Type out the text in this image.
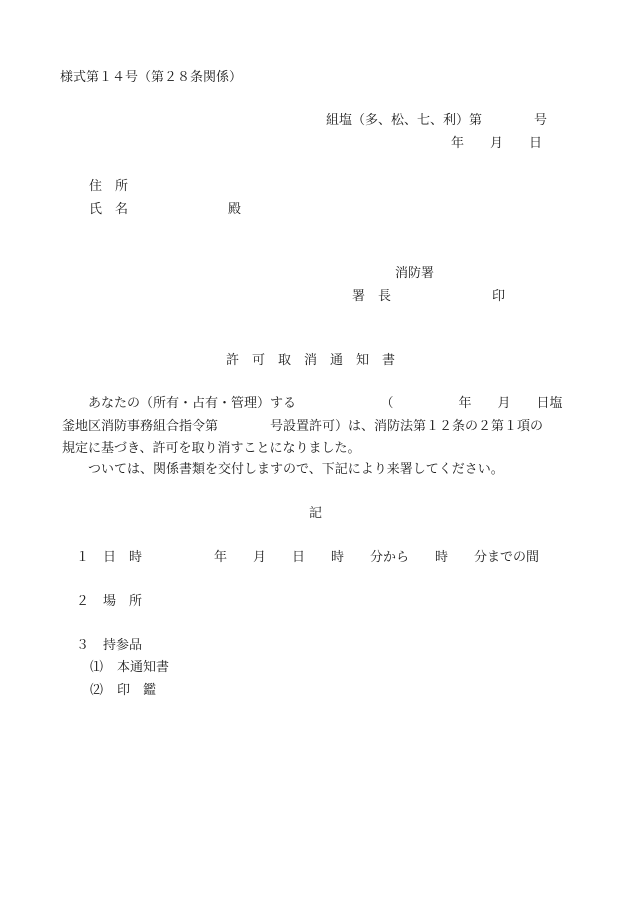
様式第１４号（第２８条関係）
組塩（多、松、七、利）第　　　　号
年　　月　　日
住　所
氏　名	殿
消防署
署　長	印
許　可　取　消　通　知　書
あなたの（所有・占有・管理）する　　　　　　　（　　　　　年　　月　　日塩
釜地区消防事務組合指令第　　　　号設置許可）は、消防法第１２条の２第１項の
規定に基づき、許可を取り消すことになりました。
ついては、関係書類を交付しますので、下記により来署してください。
記
１ 日　時	年　　月　　日　　時　　分から　　時　　分までの間
２ 場　所
３ 持参品
⑴ 本通知書
⑵ 印　鑑
